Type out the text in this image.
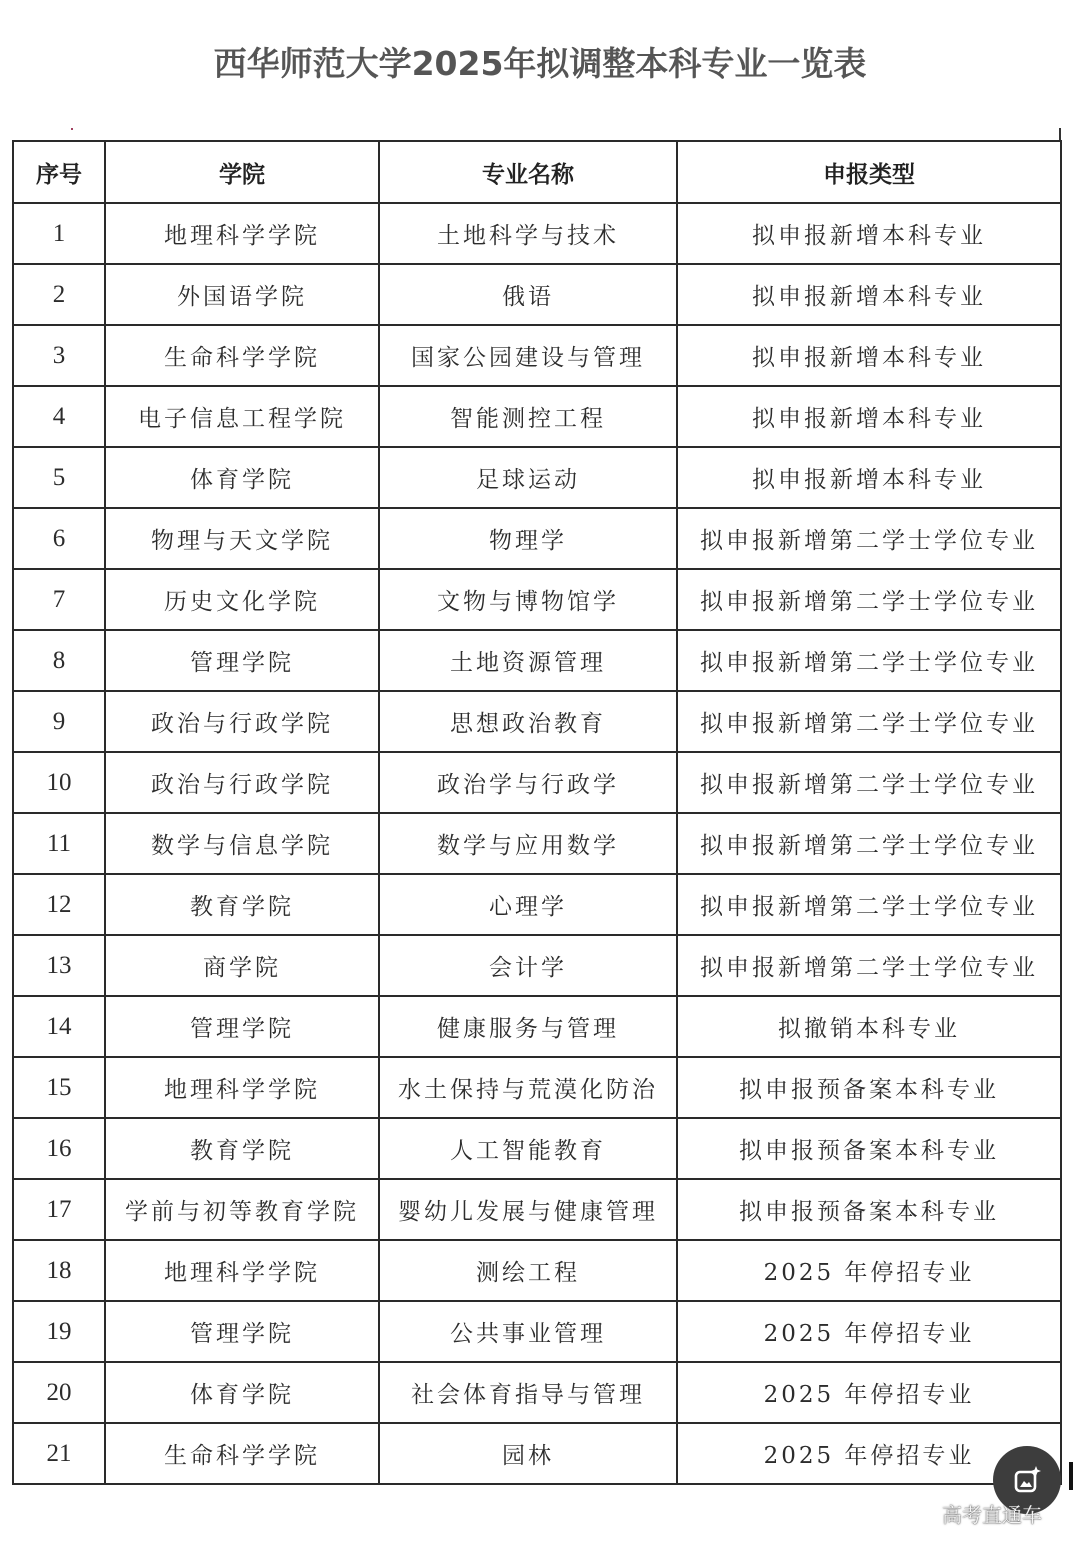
西华师范大学2025年拟调整本科专业一览表
序号	学院	专业名称	申报类型
1	地理科学学院	土地科学与技术	拟申报新增本科专业
2	外国语学院	俄语	拟申报新增本科专业
3	生命科学学院	国家公园建设与管理	拟申报新增本科专业
4	电子信息工程学院	智能测控工程	拟申报新增本科专业
5	体育学院	足球运动	拟申报新增本科专业
6	物理与天文学院	物理学	拟申报新增第二学士学位专业
7	历史文化学院	文物与博物馆学	拟申报新增第二学士学位专业
8	管理学院	土地资源管理	拟申报新增第二学士学位专业
9	政治与行政学院	思想政治教育	拟申报新增第二学士学位专业
10	政治与行政学院	政治学与行政学	拟申报新增第二学士学位专业
11	数学与信息学院	数学与应用数学	拟申报新增第二学士学位专业
12	教育学院	心理学	拟申报新增第二学士学位专业
13	商学院	会计学	拟申报新增第二学士学位专业
14	管理学院	健康服务与管理	拟撤销本科专业
15	地理科学学院	水土保持与荒漠化防治	拟申报预备案本科专业
16	教育学院	人工智能教育	拟申报预备案本科专业
17	学前与初等教育学院	婴幼儿发展与健康管理	拟申报预备案本科专业
18	地理科学学院	测绘工程	2025 年停招专业
19	管理学院	公共事业管理	2025 年停招专业
20	体育学院	社会体育指导与管理	2025 年停招专业
21	生命科学学院	园林	2025 年停招专业
高考直通车
